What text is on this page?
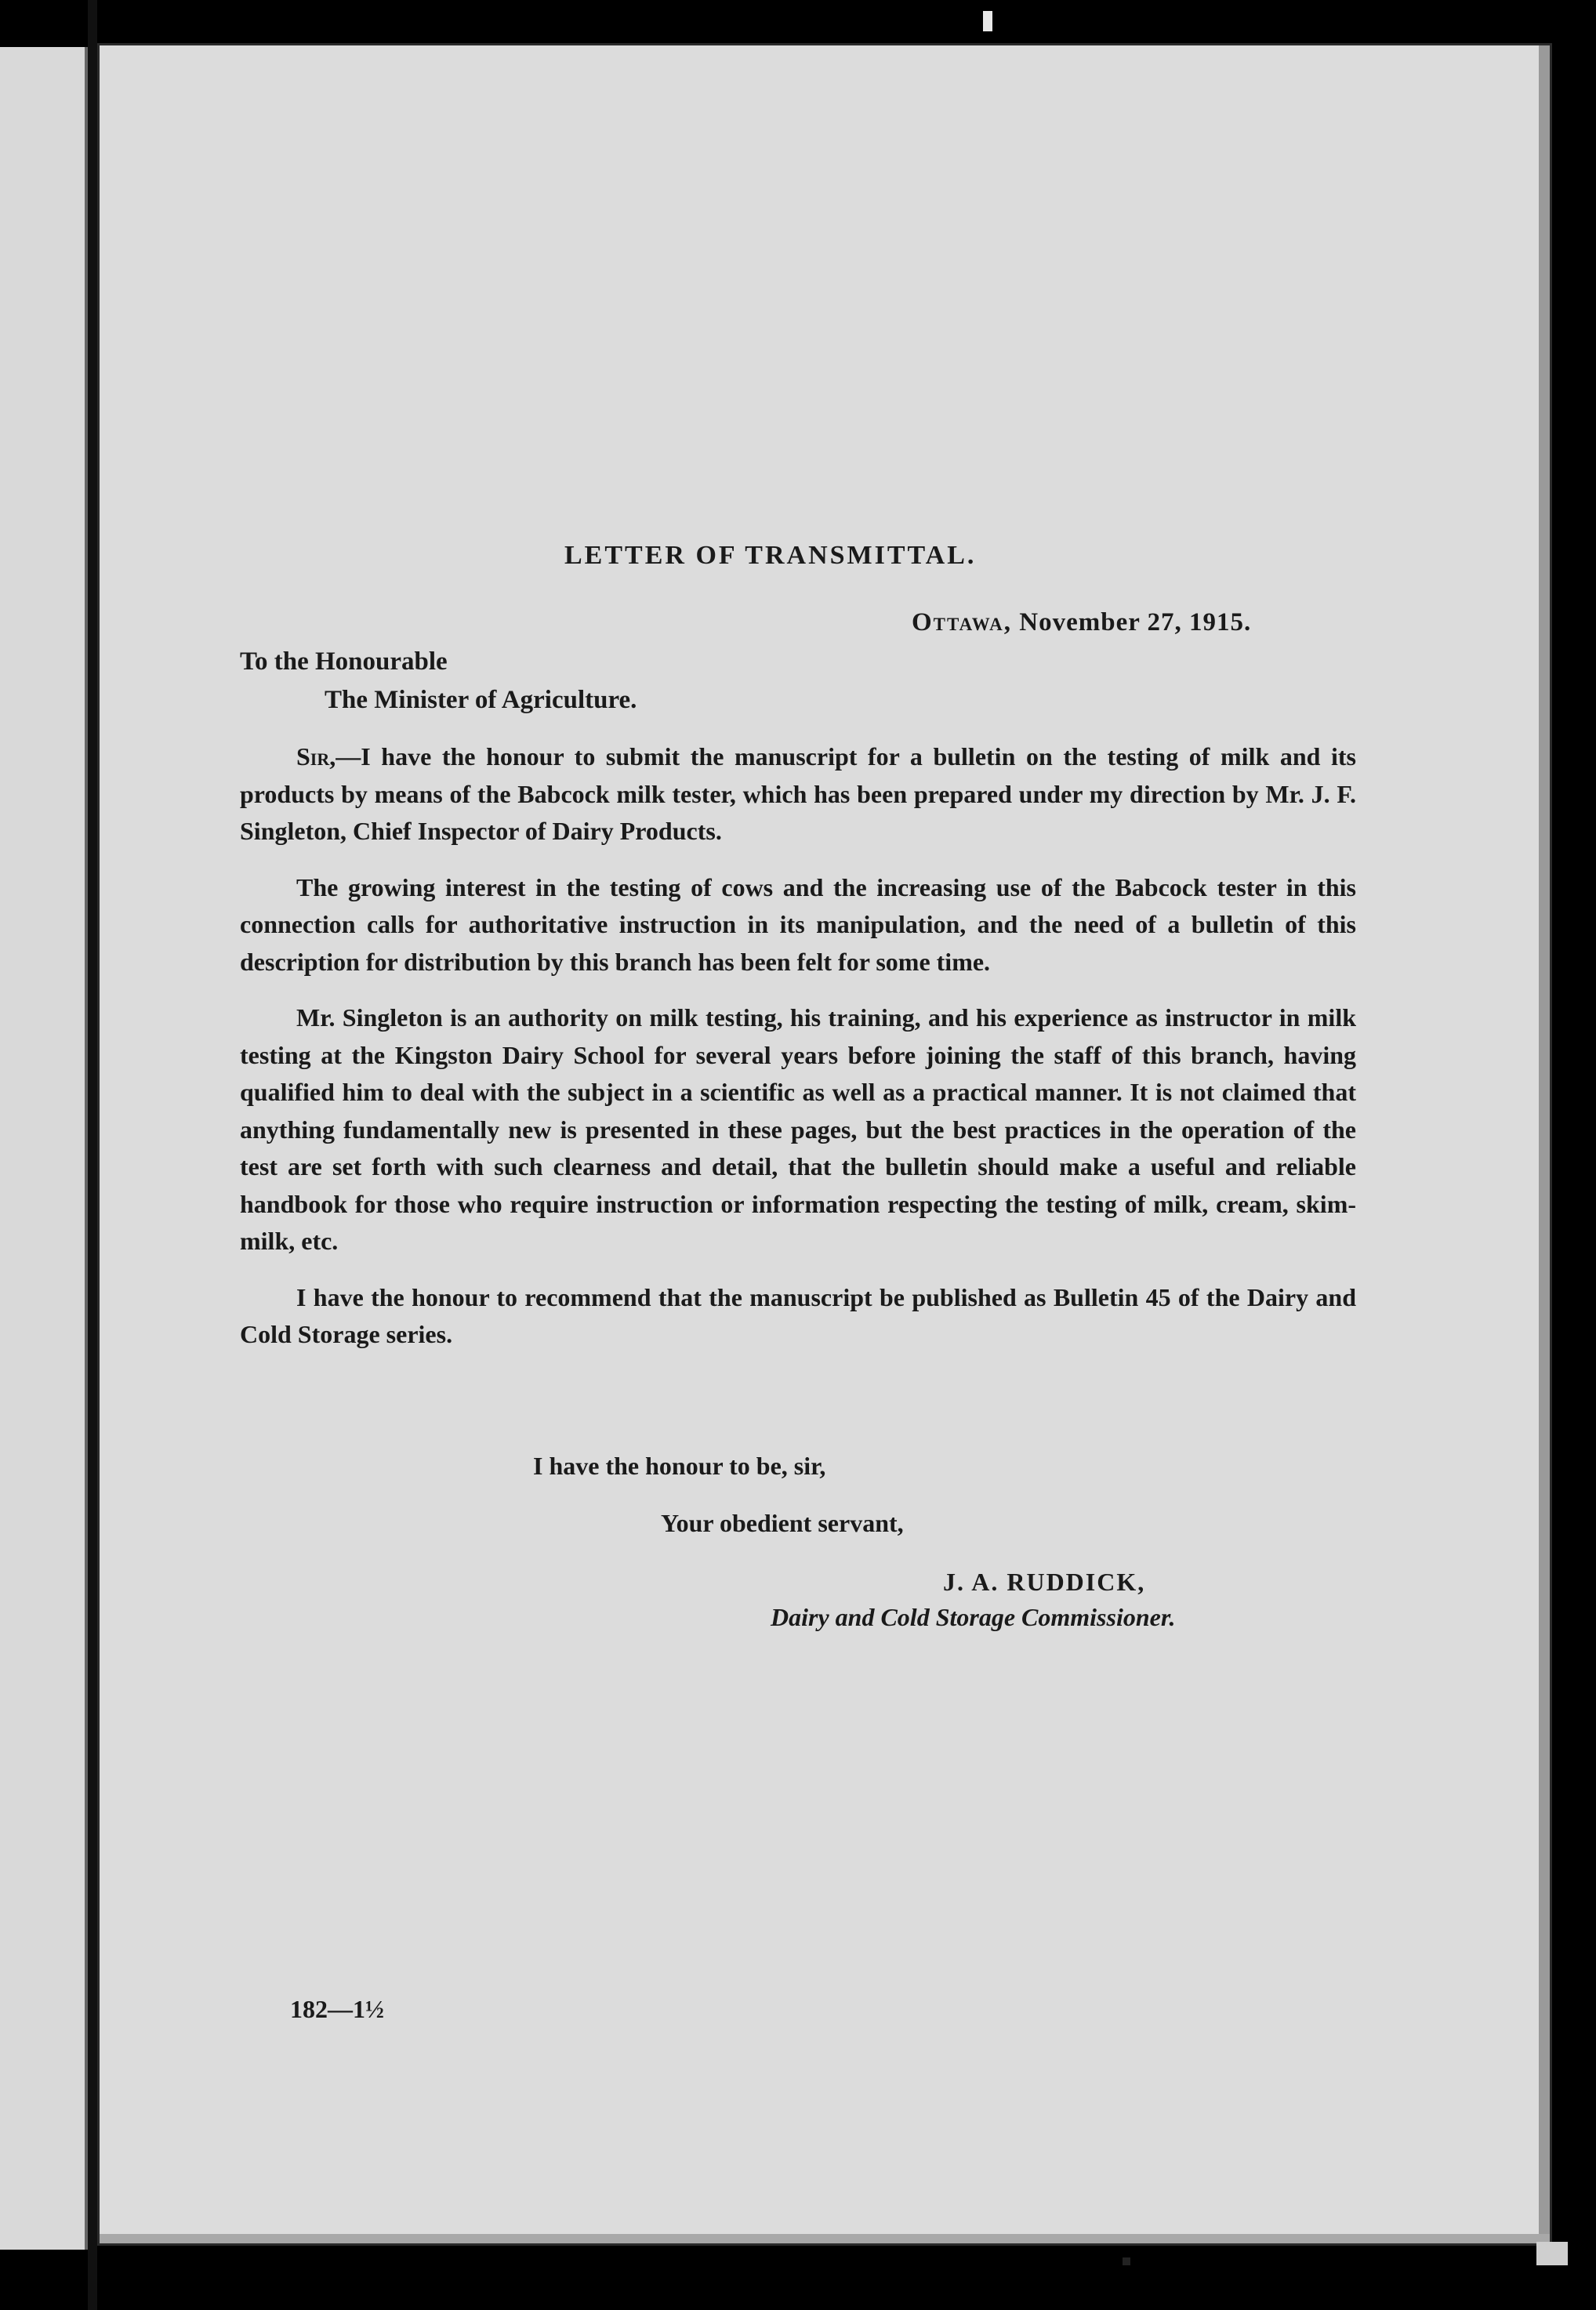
LETTER OF TRANSMITTAL.
Ottawa, November 27, 1915.
To the Honourable
The Minister of Agriculture.

Sir,—I have the honour to submit the manuscript for a bulletin on the testing of milk and its products by means of the Babcock milk tester, which has been prepared under my direction by Mr. J. F. Singleton, Chief Inspector of Dairy Products.

The growing interest in the testing of cows and the increasing use of the Babcock tester in this connection calls for authoritative instruction in its manipulation, and the need of a bulletin of this description for distribution by this branch has been felt for some time.

Mr. Singleton is an authority on milk testing, his training, and his experience as instructor in milk testing at the Kingston Dairy School for several years before joining the staff of this branch, having qualified him to deal with the subject in a scientific as well as a practical manner. It is not claimed that anything fundamentally new is presented in these pages, but the best practices in the operation of the test are set forth with such clearness and detail, that the bulletin should make a useful and reliable handbook for those who require instruction or information respecting the testing of milk, cream, skim-milk, etc.

I have the honour to recommend that the manuscript be published as Bulletin 45 of the Dairy and Cold Storage series.

I have the honour to be, sir,
Your obedient servant,
J. A. RUDDICK,
Dairy and Cold Storage Commissioner.
182—1½
